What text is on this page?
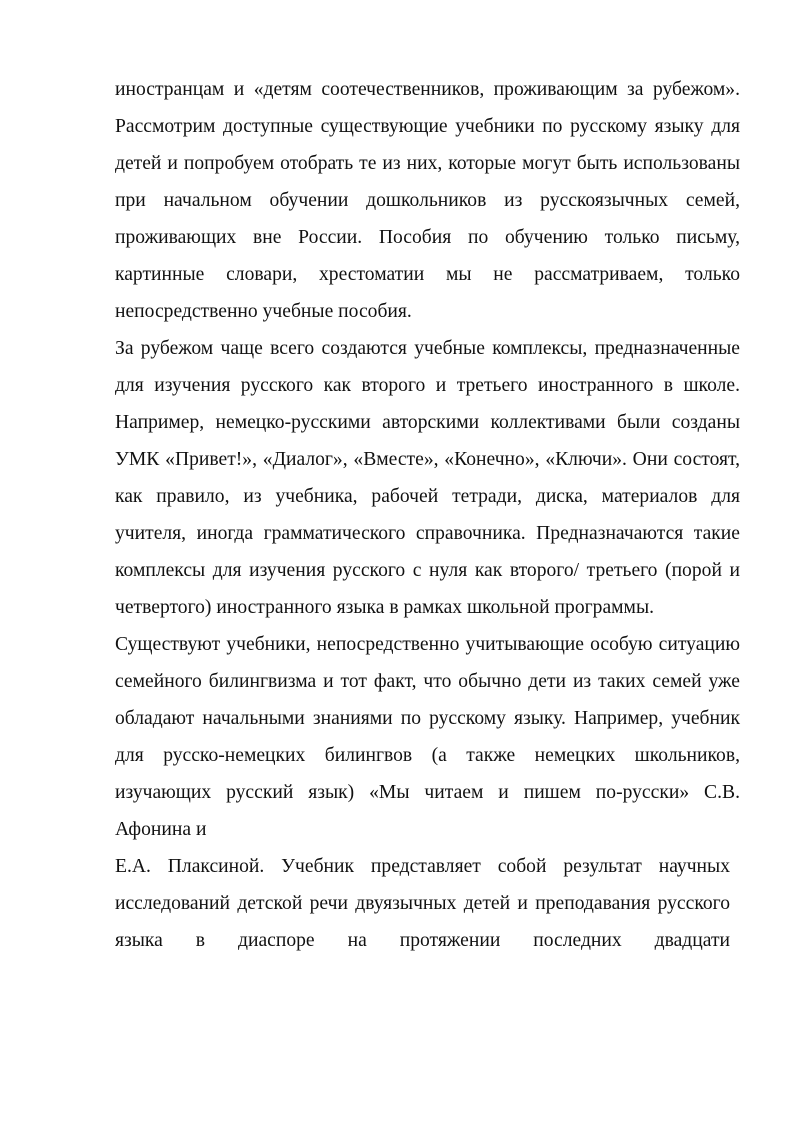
иностранцам и «детям соотечественников, проживающим за рубежом». Рассмотрим доступные существующие учебники по русскому языку для детей и попробуем отобрать те из них, которые могут быть использованы при начальном обучении дошкольников из русскоязычных семей, проживающих вне России. Пособия по обучению только письму, картинные словари, хрестоматии мы не рассматриваем, только непосредственно учебные пособия.

За рубежом чаще всего создаются учебные комплексы, предназначенные для изучения русского как второго и третьего иностранного в школе. Например, немецко-русскими авторскими коллективами были созданы УМК «Привет!», «Диалог», «Вместе», «Конечно», «Ключи». Они состоят, как правило, из учебника, рабочей тетради, диска, материалов для учителя, иногда грамматического справочника. Предназначаются такие комплексы для изучения русского с нуля как второго/ третьего (порой и четвертого) иностранного языка в рамках школьной программы.

Существуют учебники, непосредственно учитывающие особую ситуацию семейного билингвизма и тот факт, что обычно дети из таких семей уже обладают начальными знаниями по русскому языку. Например, учебник для русско-немецких билингвов (а также немецких школьников, изучающих русский язык) «Мы читаем и пишем по-русски» С.В. Афонина и

Е.А. Плаксиной. Учебник представляет собой результат научных исследований детской речи двуязычных детей и преподавания русского языка в диаспоре на протяжении последних двадцати
